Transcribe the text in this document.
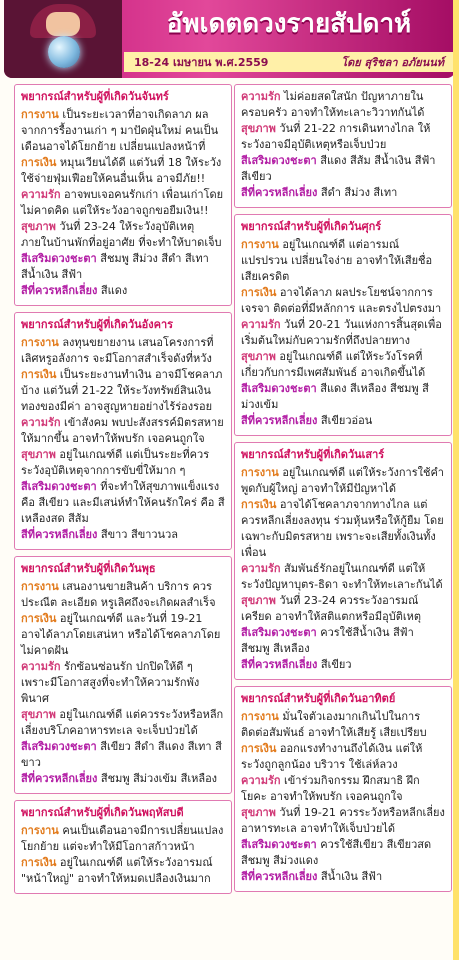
อัพเดตดวงรายสัปดาห์
18-24 เมษายน พ.ศ.2559	โดย สุริชลา อภัยนนท์
พยากรณ์สำหรับผู้ที่เกิดวันจันทร์
การงาน เป็นระยะเวลาที่อาจเกิดลาภ ผลจากการรื้องานเก่า ๆ มาปัดฝุ่นใหม่ คนเป็นเดือนอาจได้โยกย้าย เปลี่ยนแปลงหน้าที่
การเงิน หมุนเวียนได้ดี แต่วันที่ 18 ให้ระวังใช้จ่ายฟุ่มเฟือยให้คนอื่นเห็น อาจมีภัย!!
ความรัก อาจพบเจอคนรักเก่า เพื่อนเก่าโดยไม่คาดคิด แต่ให้ระวังอาจถูกขอยืมเงิน!!
สุขภาพ วันที่ 23-24 ให้ระวังอุบัติเหตุภายในบ้านพักที่อยู่อาศัย ที่จะทำให้บาดเจ็บ
สีเสริมดวงชะตา สีชมพู สีม่วง สีดำ สีเทา สีน้ำเงิน สีฟ้า
สีที่ควรหลีกเลี่ยง สีแดง
พยากรณ์สำหรับผู้ที่เกิดวันอังคาร
การงาน ลงทุนขยายงาน เสนอโครงการที่เลิศหรูอลังการ จะมีโอกาสสำเร็จดังที่หวัง
การเงิน เป็นระยะงานทำเงิน อาจมีโชคลาภบ้าง แต่วันที่ 21-22 ให้ระวังทรัพย์สินเงินทองของมีค่า อาจสูญหายอย่างไร้ร่องรอย
ความรัก เข้าสังคม พบปะสังสรรค์มิตรสหายให้มากขึ้น อาจทำให้พบรัก เจอคนถูกใจ
สุขภาพ อยู่ในเกณฑ์ดี แต่เป็นระยะที่ควรระวังอุบัติเหตุจากการขับขี่ให้มาก ๆ
สีเสริมดวงชะตา ที่จะทำให้สุขภาพแข็งแรงคือ สีเขียว และมีเสน่ห์ทำให้คนรักใคร่ คือ สีเหลืองสด สีส้ม
สีที่ควรหลีกเลี่ยง สีขาว สีขาวนวล
พยากรณ์สำหรับผู้ที่เกิดวันพุธ
การงาน เสนองานขายสินค้า บริการ ควรประณีต ละเอียด หรูเลิศถึงจะเกิดผลสำเร็จ
การเงิน อยู่ในเกณฑ์ดี และวันที่ 19-21 อาจได้ลาภโดยเสน่หา หรือได้โชคลาภโดยไม่คาดฝัน
ความรัก รักซ้อนซ่อนรัก ปกปิดให้ดี ๆ เพราะมีโอกาสสูงที่จะทำให้ความรักพังพินาศ
สุขภาพ อยู่ในเกณฑ์ดี แต่ควรระวังหรือหลีกเลี่ยงบริโภคอาหารทะเล จะเจ็บป่วยได้
สีเสริมดวงชะตา สีเขียว สีดำ สีแดง สีเทา สีขาว
สีที่ควรหลีกเลี่ยง สีชมพู สีม่วงเข้ม สีเหลือง
พยากรณ์สำหรับผู้ที่เกิดวันพฤหัสบดี
การงาน คนเป็นเดือนอาจมีการเปลี่ยนแปลง โยกย้าย แต่จะทำให้มีโอกาสก้าวหน้า
การเงิน อยู่ในเกณฑ์ดี แต่ให้ระวังอารมณ์ "หน้าใหญ่" อาจทำให้หมดเปลืองเงินมาก
ความรัก ไม่ค่อยสดใสนัก ปัญหาภายในครอบครัว อาจทำให้ทะเลาะวิวาทกันได้
สุขภาพ วันที่ 21-22 การเดินทางไกล ให้ระวังอาจมีอุบัติเหตุหรือเจ็บป่วย
สีเสริมดวงชะตา สีแดง สีส้ม สีน้ำเงิน สีฟ้า สีเขียว
สีที่ควรหลีกเลี่ยง สีดำ สีม่วง สีเทา
พยากรณ์สำหรับผู้ที่เกิดวันศุกร์
การงาน อยู่ในเกณฑ์ดี แต่อารมณ์แปรปรวน เปลี่ยนใจง่าย อาจทำให้เสียชื่อ เสียเครดิต
การเงิน อาจได้ลาภ ผลประโยชน์จากการเจรจา ติดต่อที่มีหลักการ และตรงไปตรงมา
ความรัก วันที่ 20-21 วันแห่งการสิ้นสุดเพื่อเริ่มต้นใหม่กับความรักที่ถึงปลายทาง
สุขภาพ อยู่ในเกณฑ์ดี แต่ให้ระวังโรคที่เกี่ยวกับการมีเพศสัมพันธ์ อาจเกิดขึ้นได้
สีเสริมดวงชะตา สีแดง สีเหลือง สีชมพู สีม่วงเข้ม
สีที่ควรหลีกเลี่ยง สีเขียวอ่อน
พยากรณ์สำหรับผู้ที่เกิดวันเสาร์
การงาน อยู่ในเกณฑ์ดี แต่ให้ระวังการใช้คำพูดกับผู้ใหญ่ อาจทำให้มีปัญหาได้
การเงิน อาจได้โชคลาภจากทางไกล แต่ควรหลีกเลี่ยงลงทุน ร่วมหุ้นหรือให้กู้ยืม โดยเฉพาะกับมิตรสหาย เพราะจะเสียทั้งเงินทั้งเพื่อน
ความรัก สัมพันธ์รักอยู่ในเกณฑ์ดี แต่ให้ระวังปัญหาบุตร-ธิดา จะทำให้ทะเลาะกันได้
สุขภาพ วันที่ 23-24 ควรระวังอารมณ์เครียด อาจทำให้สติแตกหรือมีอุบัติเหตุ
สีเสริมดวงชะตา ควรใช้สีน้ำเงิน สีฟ้า สีชมพู สีเหลือง
สีที่ควรหลีกเลี่ยง สีเขียว
พยากรณ์สำหรับผู้ที่เกิดวันอาทิตย์
การงาน มั่นใจตัวเองมากเกินไปในการติดต่อสัมพันธ์ อาจทำให้เสียรู้ เสียเปรียบ
การเงิน ออกแรงทำงานถึงได้เงิน แต่ให้ระวังถูกลูกน้อง บริวาร ใช้เล่ห์ลวง
ความรัก เข้าร่วมกิจกรรม ฝึกสมาธิ ฝึกโยคะ อาจทำให้พบรัก เจอคนถูกใจ
สุขภาพ วันที่ 19-21 ควรระวังหรือหลีกเลี่ยงอาหารทะเล อาจทำให้เจ็บป่วยได้
สีเสริมดวงชะตา ควรใช้สีเขียว สีเขียวสด สีชมพู สีม่วงแดง
สีที่ควรหลีกเลี่ยง สีน้ำเงิน สีฟ้า
